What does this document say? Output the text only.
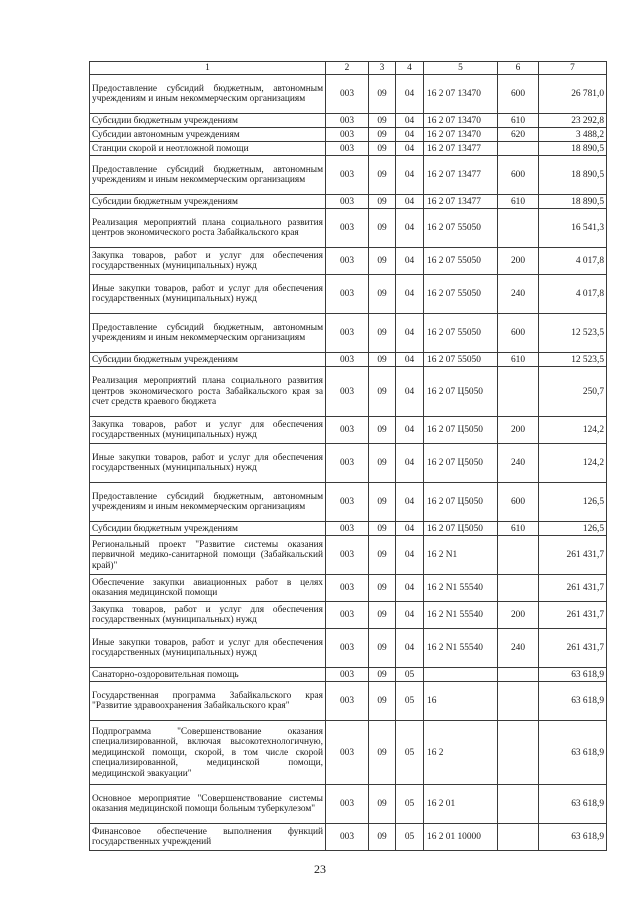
1	2	3	4	5	6	7
Предоставление субсидий бюджетным, автономным учреждениям и иным некоммерческим организациям	003	09	04	16 2 07 13470	600	26 781,0
Субсидии бюджетным учреждениям	003	09	04	16 2 07 13470	610	23 292,8
Субсидии автономным учреждениям	003	09	04	16 2 07 13470	620	3 488,2
Станции скорой и неотложной помощи	003	09	04	16 2 07 13477		18 890,5
Предоставление субсидий бюджетным, автономным учреждениям и иным некоммерческим организациям	003	09	04	16 2 07 13477	600	18 890,5
Субсидии бюджетным учреждениям	003	09	04	16 2 07 13477	610	18 890,5
Реализация мероприятий плана социального развития центров экономического роста Забайкальского края	003	09	04	16 2 07 55050		16 541,3
Закупка товаров, работ и услуг для обеспечения государственных (муниципальных) нужд	003	09	04	16 2 07 55050	200	4 017,8
Иные закупки товаров, работ и услуг для обеспечения государственных (муниципальных) нужд	003	09	04	16 2 07 55050	240	4 017,8
Предоставление субсидий бюджетным, автономным учреждениям и иным некоммерческим организациям	003	09	04	16 2 07 55050	600	12 523,5
Субсидии бюджетным учреждениям	003	09	04	16 2 07 55050	610	12 523,5
Реализация мероприятий плана социального развития центров экономического роста Забайкальского края за счет средств краевого бюджета	003	09	04	16 2 07 Ц5050		250,7
Закупка товаров, работ и услуг для обеспечения государственных (муниципальных) нужд	003	09	04	16 2 07 Ц5050	200	124,2
Иные закупки товаров, работ и услуг для обеспечения государственных (муниципальных) нужд	003	09	04	16 2 07 Ц5050	240	124,2
Предоставление субсидий бюджетным, автономным учреждениям и иным некоммерческим организациям	003	09	04	16 2 07 Ц5050	600	126,5
Субсидии бюджетным учреждениям	003	09	04	16 2 07 Ц5050	610	126,5
Региональный проект "Развитие системы оказания первичной медико-санитарной помощи (Забайкальский край)"	003	09	04	16 2 N1		261 431,7
Обеспечение закупки авиационных работ в целях оказания медицинской помощи	003	09	04	16 2 N1 55540		261 431,7
Закупка товаров, работ и услуг для обеспечения государственных (муниципальных) нужд	003	09	04	16 2 N1 55540	200	261 431,7
Иные закупки товаров, работ и услуг для обеспечения государственных (муниципальных) нужд	003	09	04	16 2 N1 55540	240	261 431,7
Санаторно-оздоровительная помощь	003	09	05			63 618,9
Государственная программа Забайкальского края "Развитие здравоохранения Забайкальского края"	003	09	05	16		63 618,9
Подпрограмма "Совершенствование оказания специализированной, включая высокотехнологичную, медицинской помощи, скорой, в том числе скорой специализированной, медицинской помощи, медицинской эвакуации"	003	09	05	16 2		63 618,9
Основное мероприятие "Совершенствование системы оказания медицинской помощи больным туберкулезом"	003	09	05	16 2 01		63 618,9
Финансовое обеспечение выполнения функций государственных учреждений	003	09	05	16 2 01 10000		63 618,9
23
